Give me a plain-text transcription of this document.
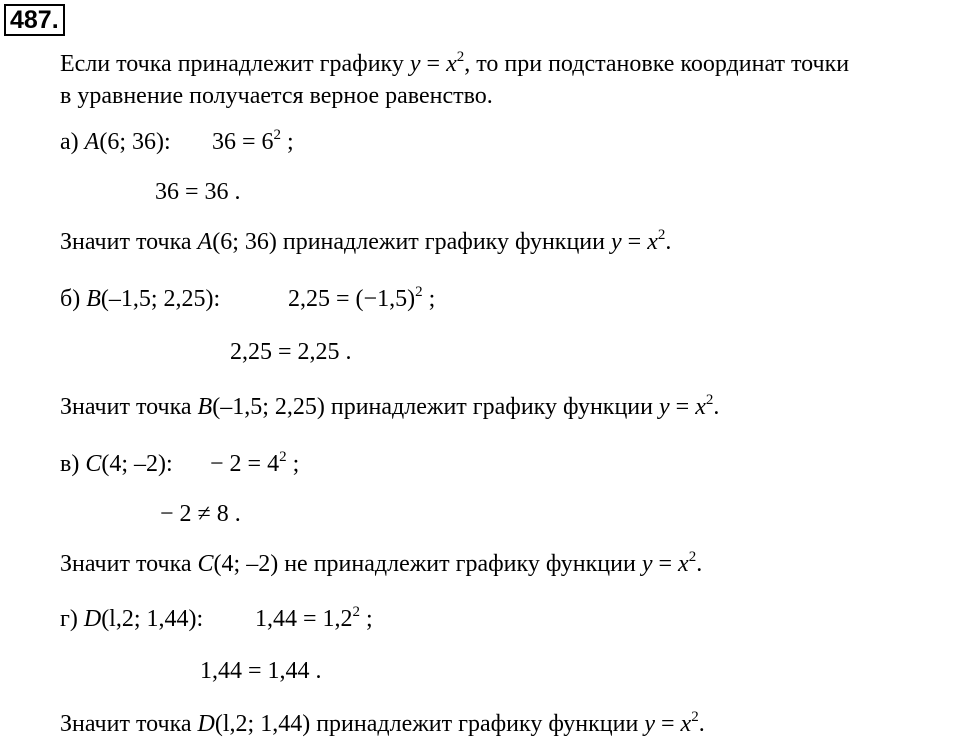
487.
Если точка принадлежит графику $y = x^2$, то при подстановке координат точки
в уравнение получается верное равенство.
а) A(6; 36): $36 = 6^2$ ;
36 = 36 .
Значит точка A(6; 36) принадлежит графику функции $y = x^2$.
б) B(–1,5; 2,25):	$2,25 = (-1,5)^2$ ;
2,25 = 2,25 .
Значит точка B(–1,5; 2,25) принадлежит графику функции $y = x^2$.
в) C(4; –2): − $2 = 4^2$ ;
− 2 ≠ 8 .
Значит точка C(4; –2) не принадлежит графику функции $y = x^2$.
г) D(l,2; 1,44): $1,44 = 1,2^2$ ;
1,44 = 1,44 .
Значит точка D(l,2; 1,44) принадлежит графику функции $y = x^2$.
